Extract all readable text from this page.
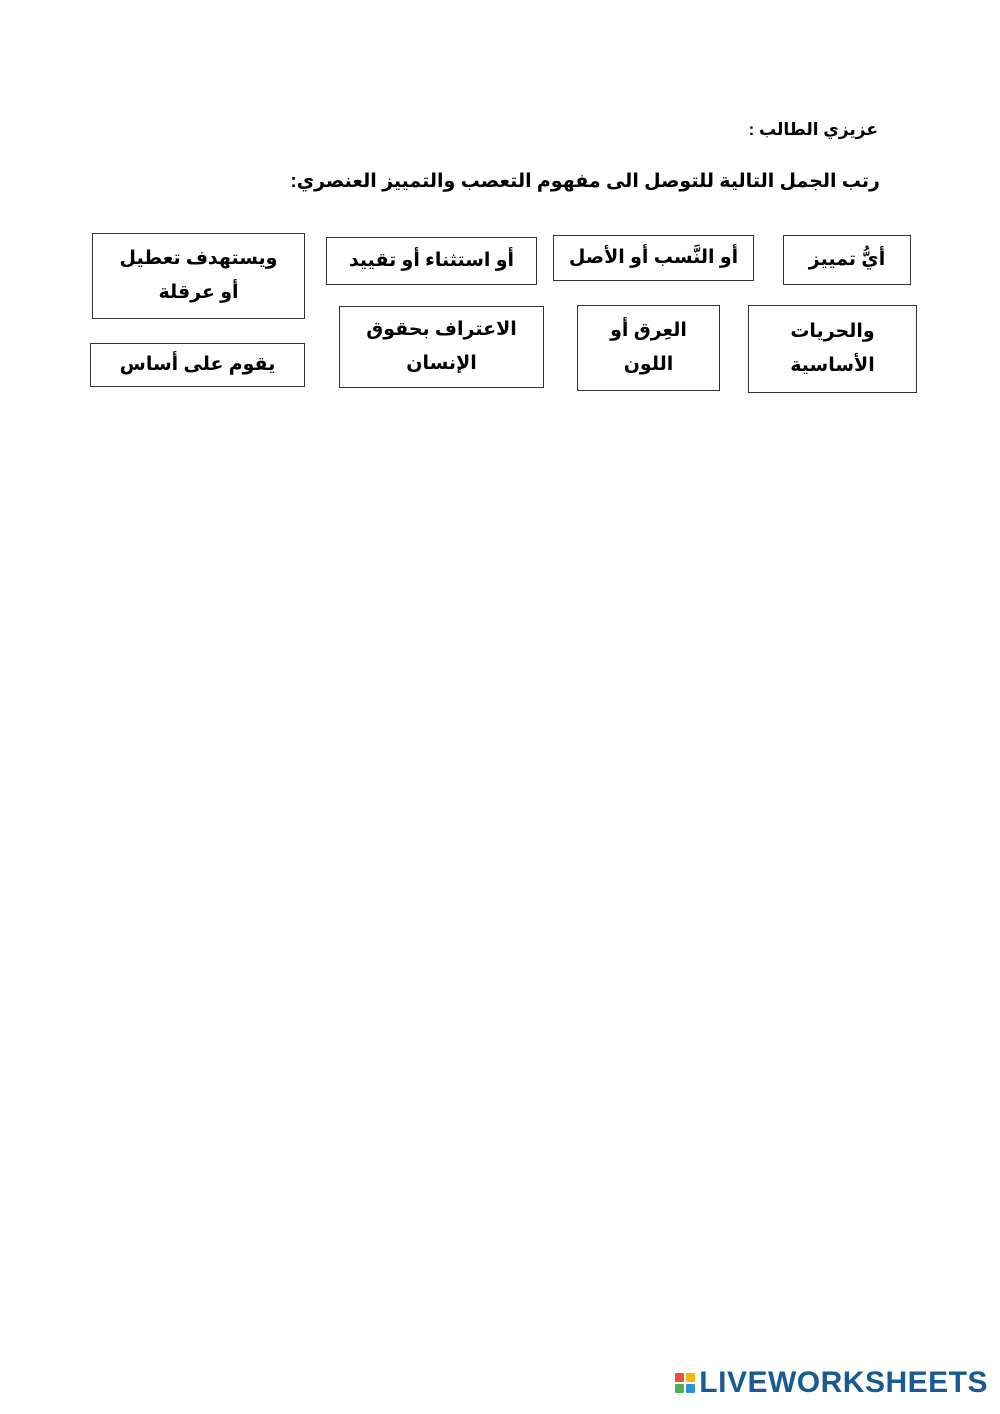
عزيزي الطالب :
رتب الجمل التالية للتوصل الى مفهوم التعصب والتمييز العنصري:
أيُّ تمييز
أو النَّسب أو الأصل
أو استثناء أو تقييد
ويستهدف تعطيل أو عرقلة
والحريات الأساسية
العِرق أو اللون
الاعتراف بحقوق الإنسان
يقوم على أساس
LIVEWORKSHEETS
